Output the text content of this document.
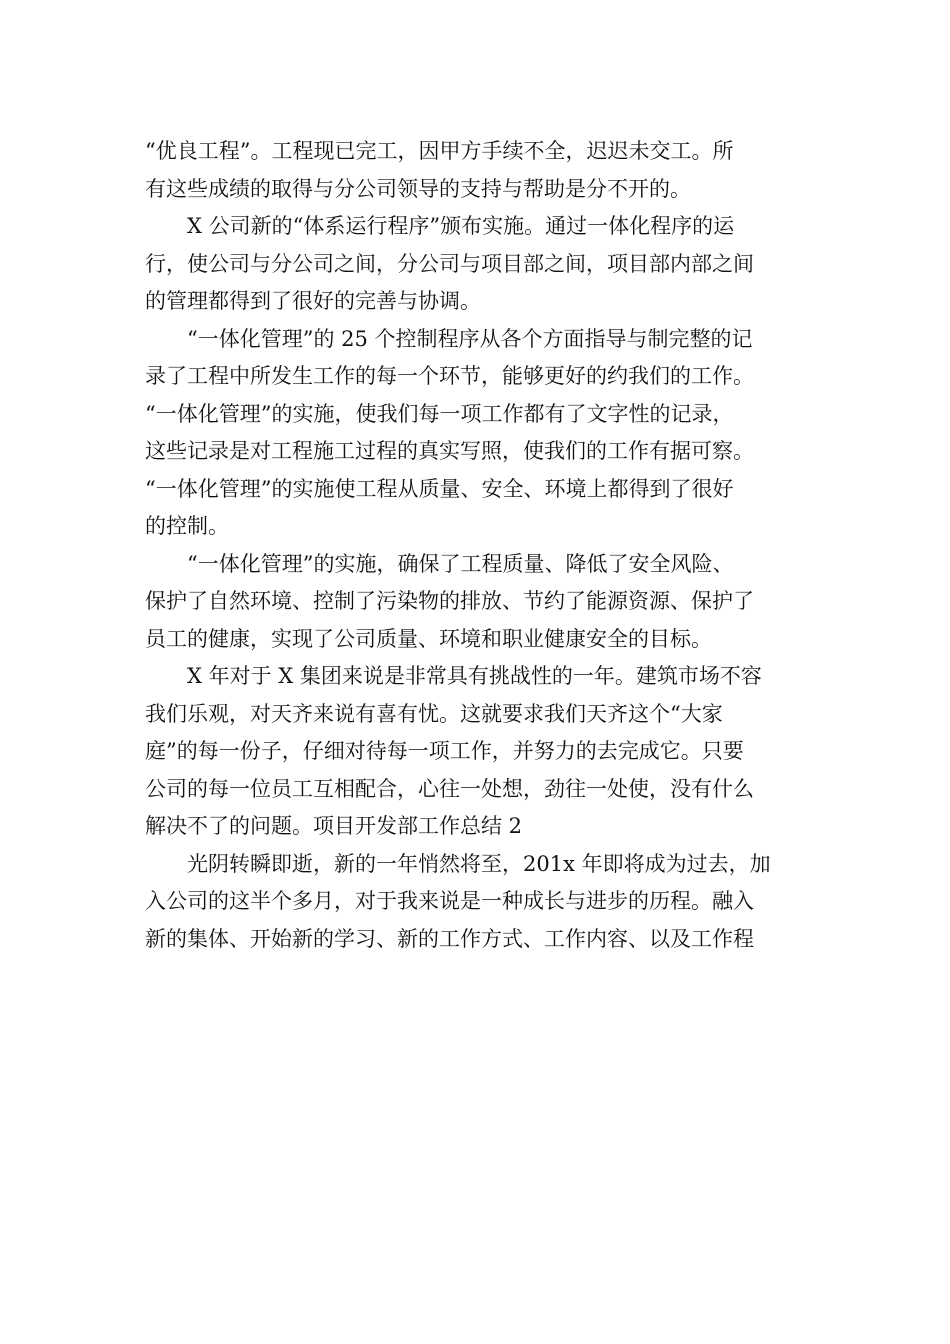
“优良工程”。工程现已完工，因甲方手续不全，迟迟未交工。所
有这些成绩的取得与分公司领导的支持与帮助是分不开的。

X 公司新的“体系运行程序”颁布实施。通过一体化程序的运
行，使公司与分公司之间，分公司与项目部之间，项目部内部之间
的管理都得到了很好的完善与协调。

“一体化管理”的 25 个控制程序从各个方面指导与制完整的记
录了工程中所发生工作的每一个环节，能够更好的约我们的工作。
“一体化管理”的实施，使我们每一项工作都有了文字性的记录，
这些记录是对工程施工过程的真实写照，使我们的工作有据可察。
“一体化管理”的实施使工程从质量、安全、环境上都得到了很好
的控制。

“一体化管理”的实施，确保了工程质量、降低了安全风险、
保护了自然环境、控制了污染物的排放、节约了能源资源、保护了
员工的健康，实现了公司质量、环境和职业健康安全的目标。

X 年对于 X 集团来说是非常具有挑战性的一年。建筑市场不容
我们乐观，对天齐来说有喜有忧。这就要求我们天齐这个“大家
庭”的每一份子，仔细对待每一项工作，并努力的去完成它。只要
公司的每一位员工互相配合，心往一处想，劲往一处使，没有什么
解决不了的问题。项目开发部工作总结 2

光阴转瞬即逝，新的一年悄然将至，201x 年即将成为过去，加
入公司的这半个多月，对于我来说是一种成长与进步的历程。融入
新的集体、开始新的学习、新的工作方式、工作内容、以及工作程
